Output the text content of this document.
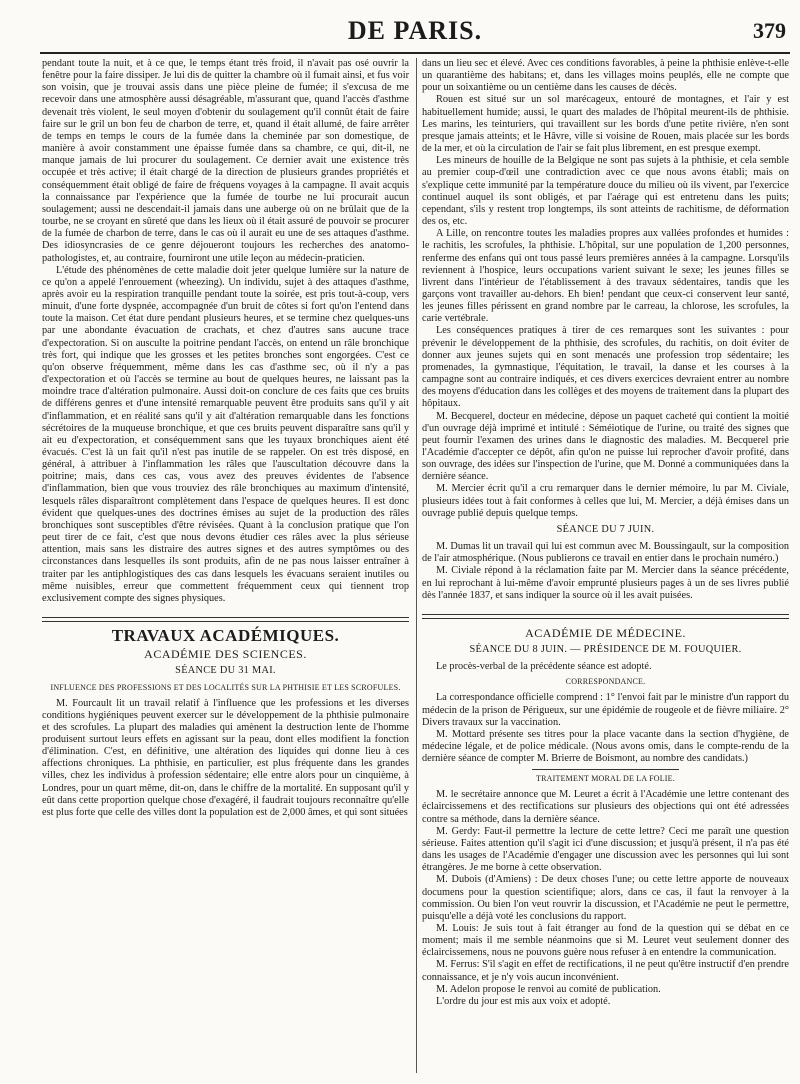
DE PARIS.	379

pendant toute la nuit, et à ce que, le temps étant très froid, il n'avait pas osé ouvrir la fenêtre pour la faire dissiper. Je lui dis de quitter la chambre où il fumait ainsi, et fus voir son voisin, que je trouvai assis dans une pièce pleine de fumée; il s'excusa de me recevoir dans une atmosphère aussi désagréable, m'assurant que, quand l'accès d'asthme devenait très violent, le seul moyen d'obtenir du soulagement qu'il connût était de faire faire sur le gril un bon feu de charbon de terre, et, quand il était allumé, de faire arrêter de temps en temps le cours de la fumée dans la cheminée par son domestique, de manière à avoir constamment une épaisse fumée dans sa chambre, ce qui, dit-il, ne manque jamais de lui procurer du soulagement. Ce dernier avait une existence très occupée et très active; il était chargé de la direction de plusieurs grandes propriétés et conséquemment était obligé de faire de fréquens voyages à la campagne. Il avait acquis la connaissance par l'expérience que la fumée de tourbe ne lui procurait aucun soulagement; aussi ne descendait-il jamais dans une auberge où on ne brûlait que de la tourbe, ne se croyant en sûreté que dans les lieux où il était assuré de pouvoir se procurer de la fumée de charbon de terre, dans le cas où il aurait eu une de ses attaques d'asthme. Des idiosyncrasies de ce genre déjoueront toujours les recherches des anatomo-pathologistes, et, au contraire, fourniront une utile leçon au médecin-praticien.

L'étude des phénomènes de cette maladie doit jeter quelque lumière sur la nature de ce qu'on a appelé l'enrouement (wheezing). Un individu, sujet à des attaques d'asthme, après avoir eu la respiration tranquille pendant toute la soirée, est pris tout-à-coup, vers minuit, d'une forte dyspnée, accompagnée d'un bruit de côtes si fort qu'on l'entend dans toute la maison. Cet état dure pendant plusieurs heures, et se termine chez quelques-uns par une abondante évacuation de crachats, et chez d'autres sans aucune trace d'expectoration. Si on ausculte la poitrine pendant l'accès, on entend un râle bronchique très fort, qui indique que les grosses et les petites bronches sont engorgées. C'est ce qu'on observe fréquemment, même dans les cas d'asthme sec, où il n'y a pas d'expectoration et où l'accès se termine au bout de quelques heures, ne laissant pas la moindre trace d'altération pulmonaire. Aussi doit-on conclure de ces faits que ces bruits de différens genres et d'une intensité remarquable peuvent être produits sans qu'il y ait d'inflammation, et en réalité sans qu'il y ait d'altération remarquable dans les fonctions sécrétoires de la muqueuse bronchique, et que ces bruits peuvent disparaître sans qu'il y ait eu d'expectoration, et conséquemment sans que les tuyaux bronchiques aient été évacués. C'est là un fait qu'il n'est pas inutile de se rappeler. On est très disposé, en général, à attribuer à l'inflammation les râles que l'auscultation découvre dans la poitrine; mais, dans ces cas, vous avez des preuves évidentes de l'absence d'inflammation, bien que vous trouviez des râle bronchiques au maximum d'intensité, lesquels râles disparaîtront complètement dans l'espace de quelques heures. Il est donc évident que quelques-unes des doctrines émises au sujet de la production des râles bronchiques sont susceptibles d'être révisées. Quant à la conclusion pratique que l'on peut tirer de ce fait, c'est que nous devons étudier ces râles avec la plus sérieuse attention, mais sans les distraire des autres signes et des autres symptômes ou des circonstances dans lesquelles ils sont produits, afin de ne pas nous laisser entraîner à traiter par les antiphlogistiques des cas dans lesquels les évacuans seraient inutiles ou même nuisibles, erreur que commettent fréquemment ceux qui tiennent trop exclusivement compte des signes physiques.

TRAVAUX ACADÉMIQUES.
ACADÉMIE DES SCIENCES.
SÉANCE DU 31 MAI.
INFLUENCE DES PROFESSIONS ET DES LOCALITÉS SUR LA PHTHISIE ET LES SCROFULES.

M. Fourcault lit un travail relatif à l'influence que les professions et les diverses conditions hygiéniques peuvent exercer sur le développement de la phthisie pulmonaire et des scrofules. La plupart des maladies qui amènent la destruction lente de l'homme produisent surtout leurs effets en agissant sur la peau, dont elles modifient la fonction d'élimination. C'est, en définitive, une altération des liquides qui donne lieu à ces affections chroniques. La phthisie, en particulier, est plus fréquente dans les grandes villes, chez les individus à profession sédentaire; elle entre alors pour un cinquième, à Londres, pour un quart même, dit-on, dans le chiffre de la mortalité. En supposant qu'il y eût dans cette proportion quelque chose d'exagéré, il faudrait toujours reconnaître qu'elle est plus forte que celle des villes dont la population est de 2,000 âmes, et qui sont situées

dans un lieu sec et élevé. Avec ces conditions favorables, à peine la phthisie enlève-t-elle un quarantième des habitans; et, dans les villages moins peuplés, elle ne compte que pour un soixantième ou un centième dans les causes de décès.

Rouen est situé sur un sol marécageux, entouré de montagnes, et l'air y est habituellement humide; aussi, le quart des malades de l'hôpital meurent-ils de phthisie. Les marins, les teinturiers, qui travaillent sur les bords d'une petite rivière, n'en sont presque jamais atteints; et le Hâvre, ville si voisine de Rouen, mais placée sur les bords de la mer, et où la circulation de l'air se fait plus librement, en est presque exempt.

Les mineurs de houille de la Belgique ne sont pas sujets à la phthisie, et cela semble au premier coup-d'œil une contradiction avec ce que nous avons établi; mais on s'explique cette immunité par la température douce du milieu où ils vivent, par l'exercice continuel auquel ils sont obligés, et par l'aérage qui est entretenu dans les puits; cependant, s'ils y restent trop longtemps, ils sont atteints de rachitisme, de déformation des os, etc.

A Lille, on rencontre toutes les maladies propres aux vallées profondes et humides : le rachitis, les scrofules, la phthisie. L'hôpital, sur une population de 1,200 personnes, renferme des enfans qui ont tous passé leurs premières années à la campagne. Lorsqu'ils reviennent à l'hospice, leurs occupations varient suivant le sexe; les jeunes filles se livrent dans l'intérieur de l'établissement à des travaux sédentaires, tandis que les garçons vont travailler au-dehors. Eh bien! pendant que ceux-ci conservent leur santé, les jeunes filles périssent en grand nombre par le carreau, la chlorose, les scrofules, la carie vertébrale.

Les conséquences pratiques à tirer de ces remarques sont les suivantes : pour prévenir le développement de la phthisie, des scrofules, du rachitis, on doit éviter de donner aux jeunes sujets qui en sont menacés une profession trop sédentaire; les promenades, la gymnastique, l'équitation, le travail, la danse et les courses à la campagne sont au contraire indiqués, et ces divers exercices devraient entrer au nombre des moyens d'éducation dans les collèges et des moyens de traitement dans la plupart des hôpitaux.

M. Becquerel, docteur en médecine, dépose un paquet cacheté qui contient la moitié d'un ouvrage déjà imprimé et intitulé : Séméiotique de l'urine, ou traité des signes que peut fournir l'examen des urines dans le diagnostic des maladies. M. Becquerel prie l'Académie d'accepter ce dépôt, afin qu'on ne puisse lui reprocher d'avoir profité, dans son ouvrage, des idées sur l'inspection de l'urine, que M. Donné a communiquées dans la dernière séance.

M. Mercier écrit qu'il a cru remarquer dans le dernier mémoire, lu par M. Civiale, plusieurs idées tout à fait conformes à celles que lui, M. Mercier, a déjà émises dans un ouvrage publié depuis quelque temps.

SÉANCE DU 7 JUIN.

M. Dumas lit un travail qui lui est commun avec M. Boussingault, sur la composition de l'air atmosphérique. (Nous publierons ce travail en entier dans le prochain numéro.)

M. Civiale répond à la réclamation faite par M. Mercier dans la séance précédente, en lui reprochant à lui-même d'avoir emprunté plusieurs pages à un de ses livres publié dès l'année 1837, et sans indiquer la source où il les avait puisées.

ACADÉMIE DE MÉDECINE.
SÉANCE DU 8 JUIN. — PRÉSIDENCE DE M. FOUQUIER.

Le procès-verbal de la précédente séance est adopté.

CORRESPONDANCE.

La correspondance officielle comprend : 1° l'envoi fait par le ministre d'un rapport du médecin de la prison de Périgueux, sur une épidémie de rougeole et de fièvre miliaire. 2° Divers travaux sur la vaccination.

M. Mottard présente ses titres pour la place vacante dans la section d'hygiène, de médecine légale, et de police médicale. (Nous avons omis, dans le compte-rendu de la dernière séance de compter M. Brierre de Boismont, au nombre des candidats.)

TRAITEMENT MORAL DE LA FOLIE.

M. le secrétaire annonce que M. Leuret a écrit à l'Académie une lettre contenant des éclaircissemens et des rectifications sur plusieurs des objections qui ont été adressées contre sa méthode, dans la dernière séance.

M. Gerdy: Faut-il permettre la lecture de cette lettre? Ceci me paraît une question sérieuse. Faites attention qu'il s'agit ici d'une discussion; et jusqu'à présent, il n'a pas été dans les usages de l'Académie d'engager une discussion avec les personnes qui lui sont étrangères. Je me borne à cette observation.

M. Dubois (d'Amiens) : De deux choses l'une; ou cette lettre apporte de nouveaux documens pour la question scientifique; alors, dans ce cas, il faut la renvoyer à la commission. Ou bien l'on veut rouvrir la discussion, et l'Académie ne peut le permettre, puisqu'elle a déjà voté les conclusions du rapport.

M. Louis: Je suis tout à fait étranger au fond de la question qui se débat en ce moment; mais il me semble néanmoins que si M. Leuret veut seulement donner des éclaircissemens, nous ne pouvons guère nous refuser à en entendre la communication.

M. Ferrus: S'il s'agit en effet de rectifications, il ne peut qu'être instructif d'en prendre connaissance, et je n'y vois aucun inconvénient.

M. Adelon propose le renvoi au comité de publication.

L'ordre du jour est mis aux voix et adopté.
